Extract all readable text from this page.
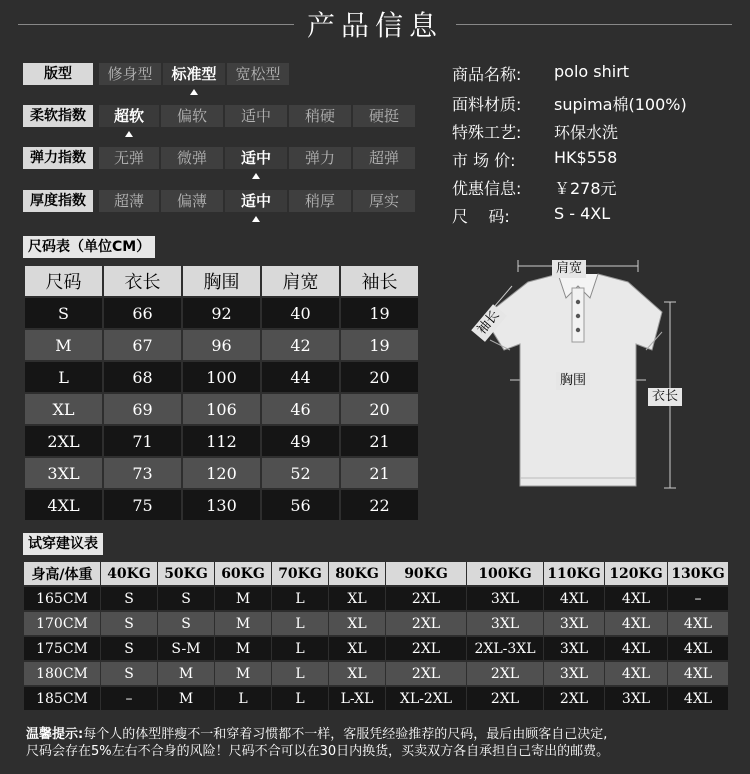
产品信息
版型	修身型	标准型	宽松型
柔软指数	超软	偏软	适中	稍硬	硬挺
弹力指数	无弹	微弹	适中	弹力	超弹
厚度指数	超薄	偏薄	适中	稍厚	厚实
商品名称:	polo shirt
面料材质:	supima棉(100%)
特殊工艺:	环保水洗
市 场 价:	HK$558
优惠信息:	￥278元
尺    码:	S - 4XL
尺码表（单位CM）
尺码	衣长	胸围	肩宽	袖长
S	66	92	40	19
M	67	96	42	19
L	68	100	44	20
XL	69	106	46	20
2XL	71	112	49	21
3XL	73	120	52	21
4XL	75	130	56	22
肩宽
袖长
胸围
衣长
试穿建议表
身高/体重	40KG	50KG	60KG	70KG	80KG	90KG	100KG	110KG	120KG	130KG
165CM	S	S	M	L	XL	2XL	3XL	4XL	4XL	–
170CM	S	S	M	L	XL	2XL	3XL	3XL	4XL	4XL
175CM	S	S-M	M	L	XL	2XL	2XL-3XL	3XL	4XL	4XL
180CM	S	M	M	L	XL	2XL	2XL	3XL	4XL	4XL
185CM	–	M	L	L	L-XL	XL-2XL	2XL	2XL	3XL	4XL
温馨提示:每个人的体型胖瘦不一和穿着习惯都不一样，客服凭经验推荐的尺码，最后由顾客自己决定,
尺码会存在5%左右不合身的风险！尺码不合可以在30日内换货，买卖双方各自承担自己寄出的邮费。
